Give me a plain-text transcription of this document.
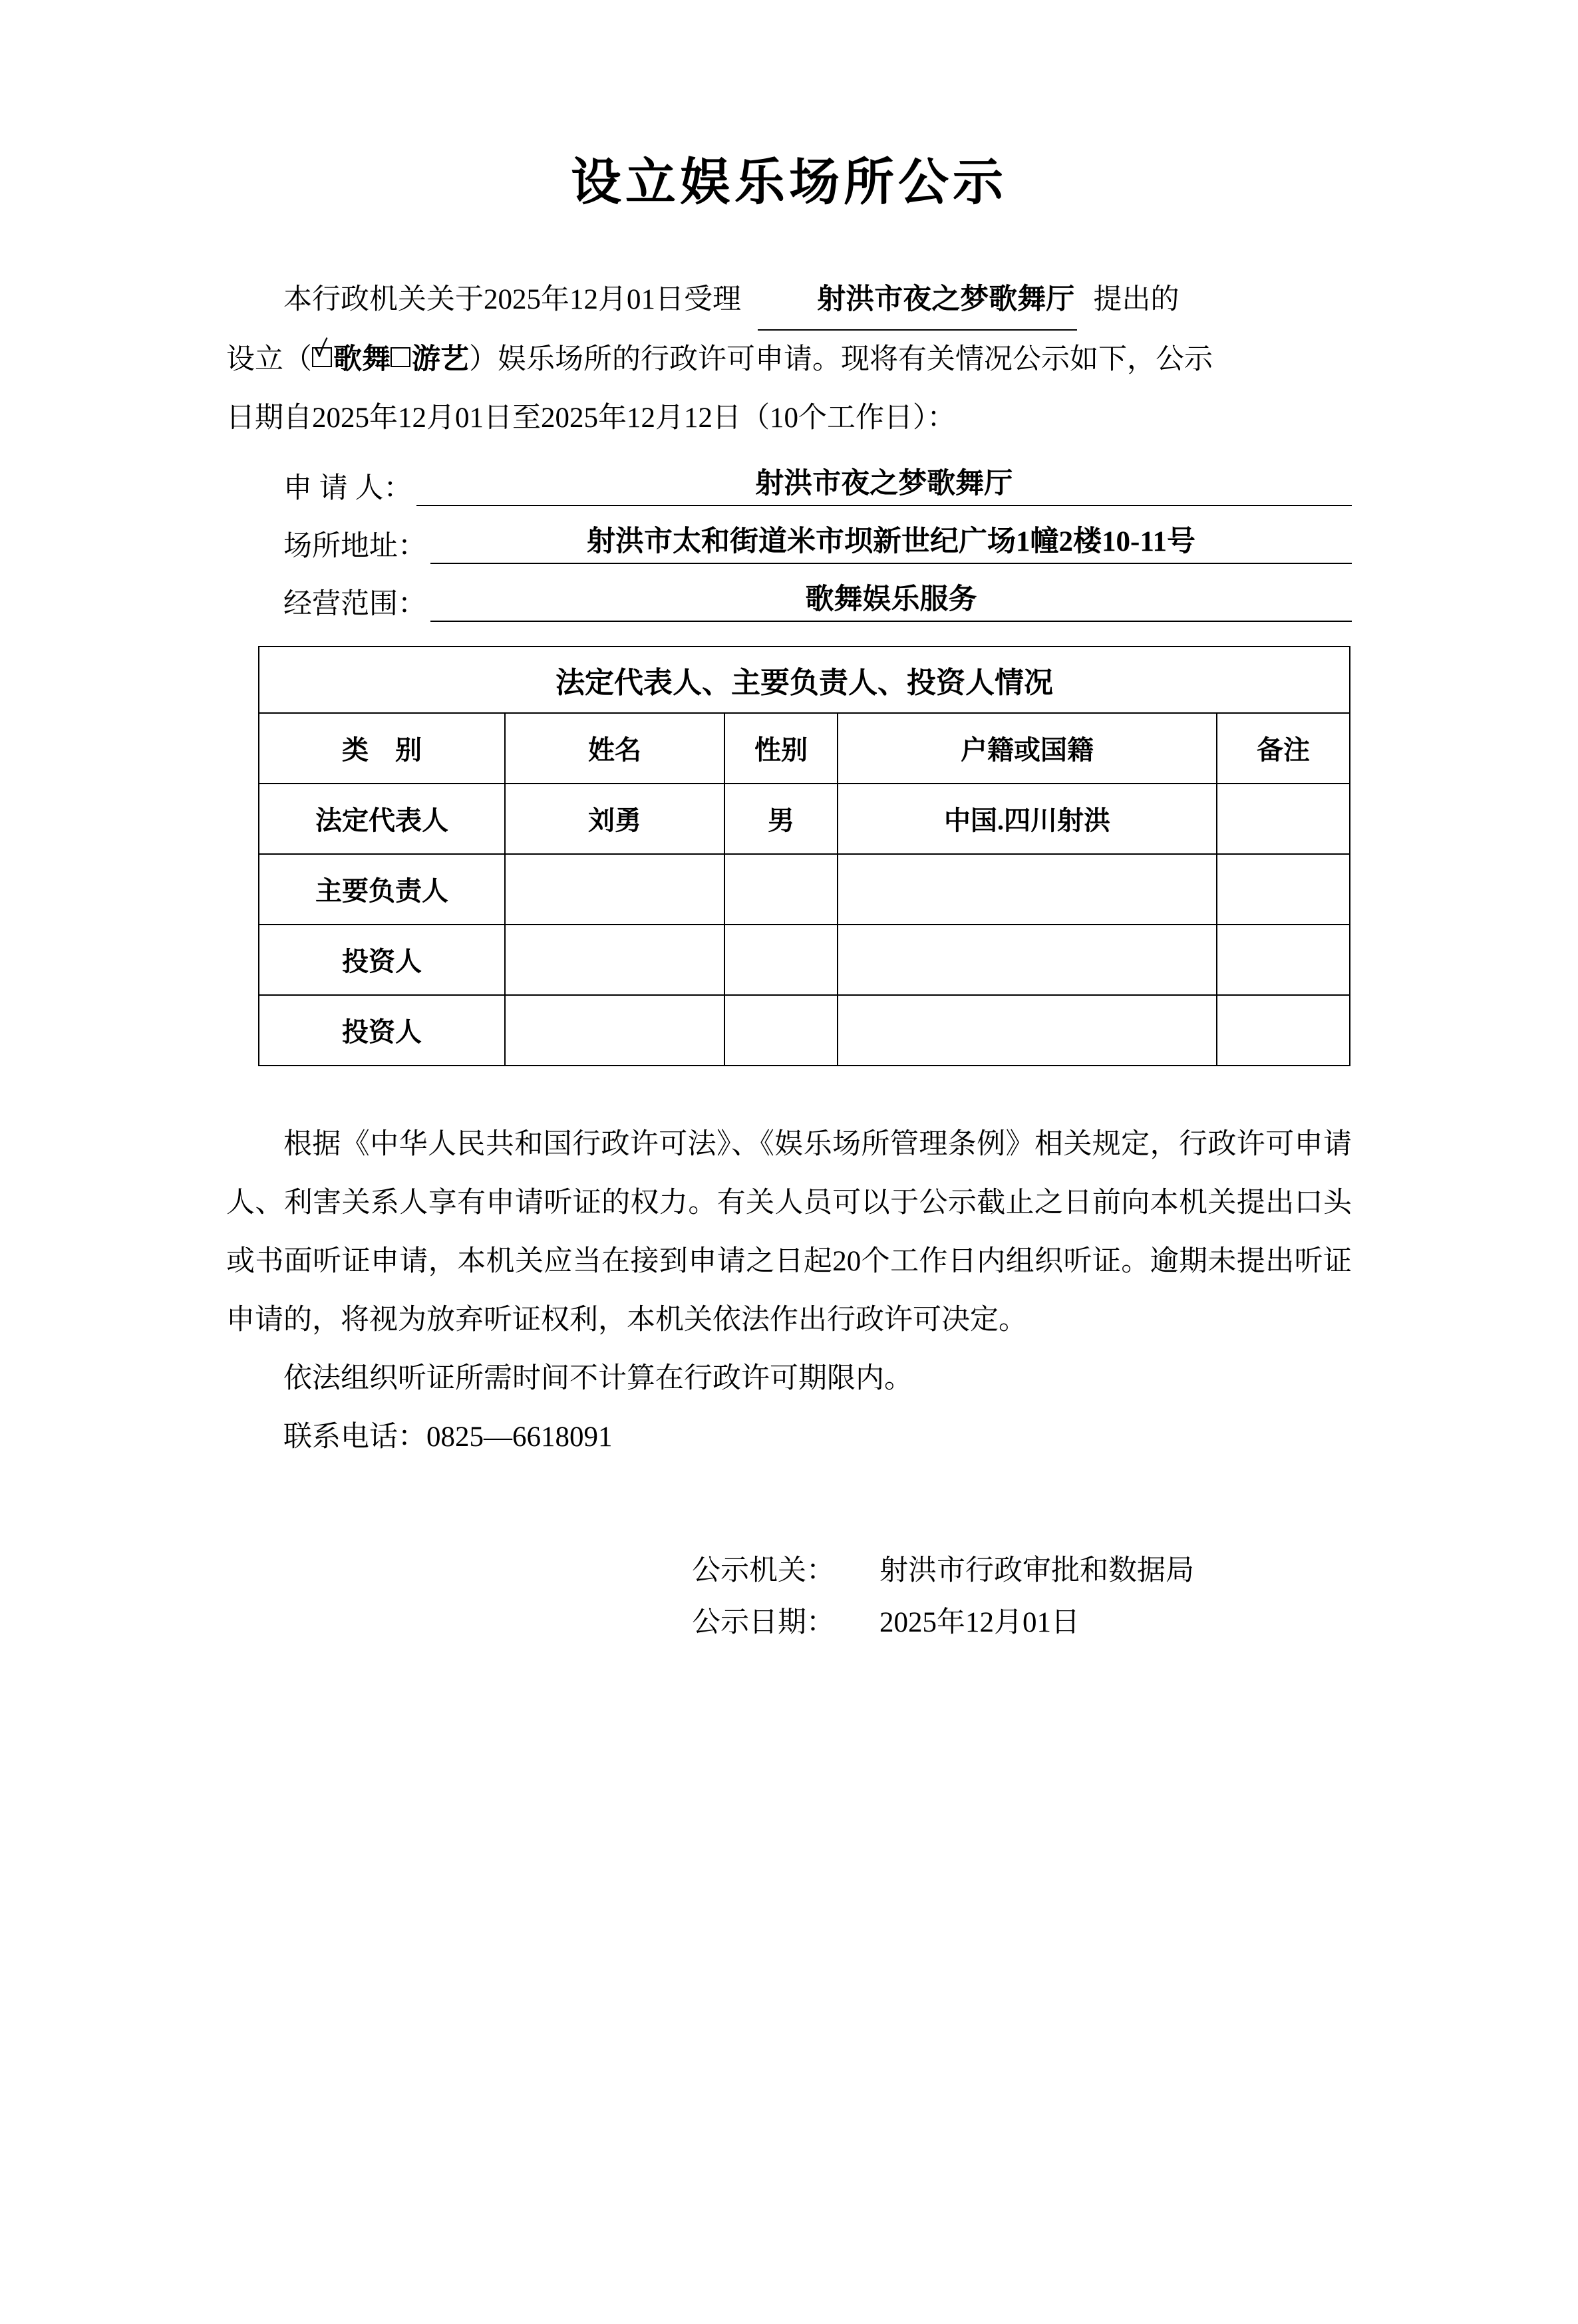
设立娱乐场所公示

本行政机关关于2025年12月01日受理	射洪市夜之梦歌舞厅 提出的

设立（ ✓ 歌舞 游艺）娱乐场所的行政许可申请。现将有关情况公示如下，公示

日期自2025年12月01日至2025年12月12日（10个工作日）：

申 请 人：	射洪市夜之梦歌舞厅
场所地址：	射洪市太和街道米市坝新世纪广场1幢2楼10-11号
经营范围：	歌舞娱乐服务
法定代表人、主要负责人、投资人情况				
类　别	姓名	性别	户籍或国籍	备注
法定代表人	刘勇	男	中国.四川射洪	
主要负责人				
投资人				
投资人				

根据《中华人民共和国行政许可法》、《娱乐场所管理条例》相关规定，行政许可申请人、利害关系人享有申请听证的权力。有关人员可以于公示截止之日前向本机关提出口头或书面听证申请，本机关应当在接到申请之日起20个工作日内组织听证。逾期未提出听证申请的，将视为放弃听证权利，本机关依法作出行政许可决定。

依法组织听证所需时间不计算在行政许可期限内。

联系电话：0825—6618091

公示机关：	射洪市行政审批和数据局
公示日期：	2025年12月01日
